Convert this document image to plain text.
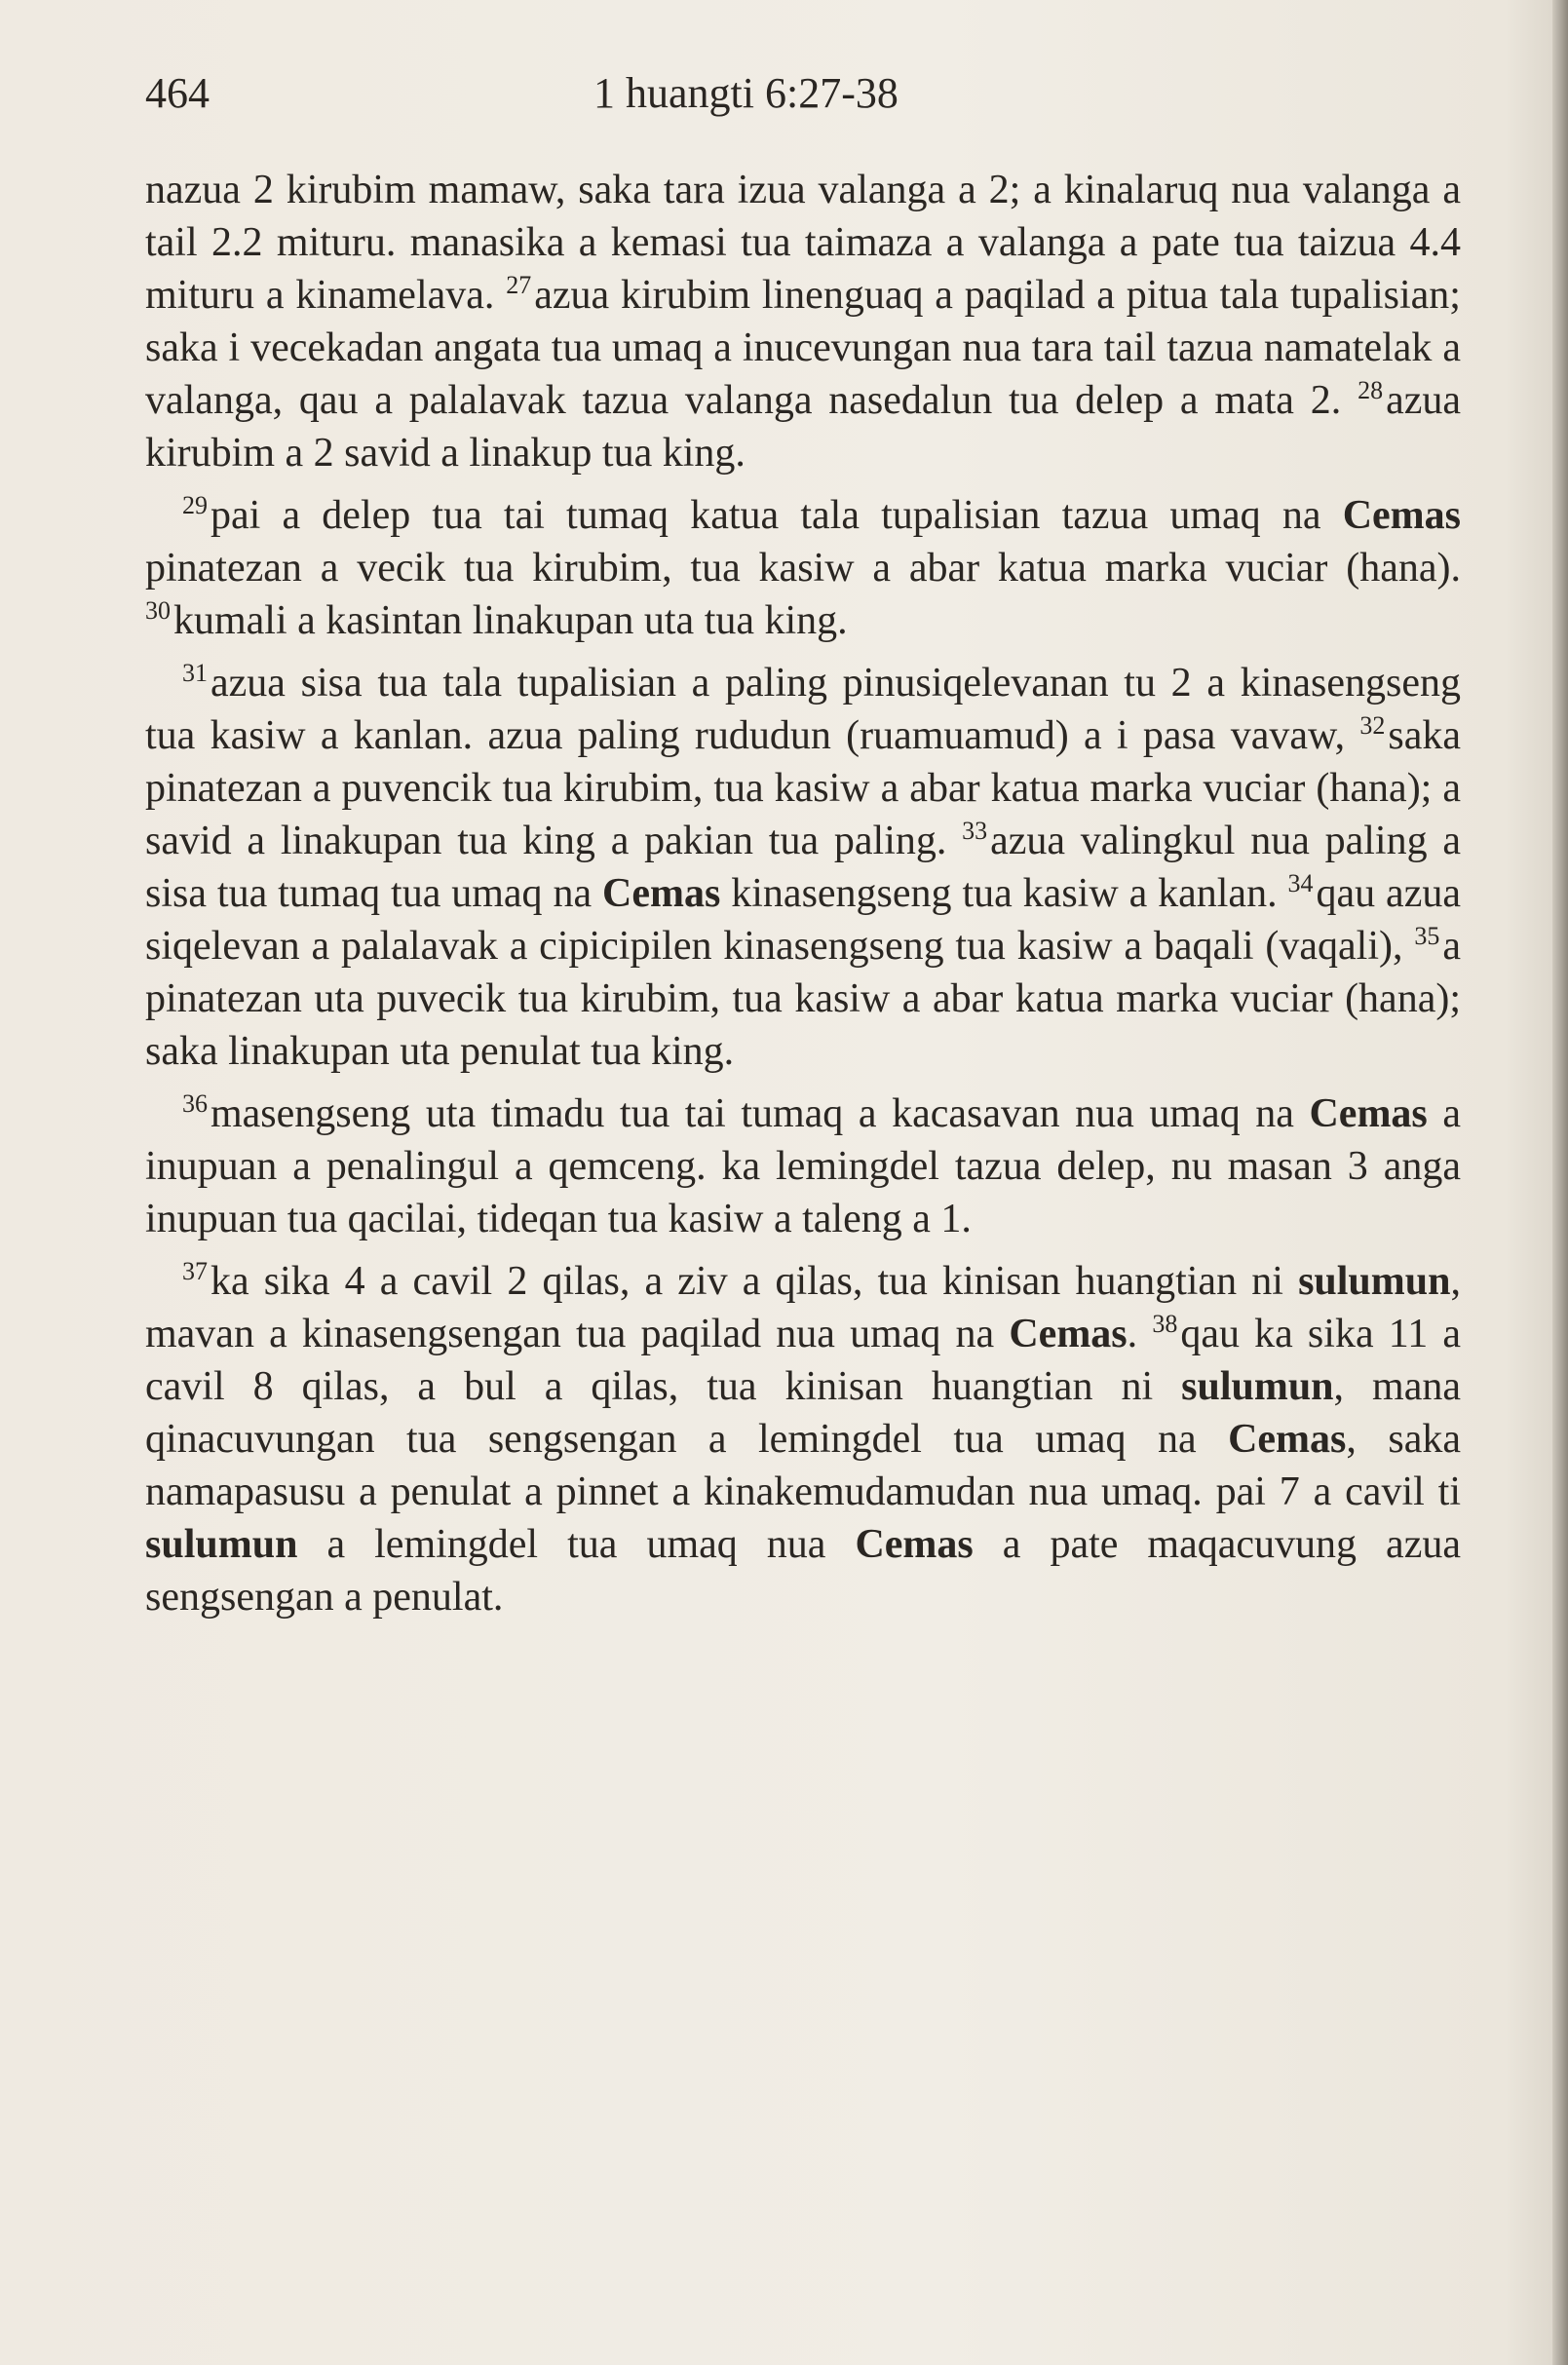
464	1 huangti 6:27-38

nazua 2 kirubim mamaw, saka tara izua valanga a 2; a kinalaruq nua valanga a tail 2.2 mituru. manasika a kemasi tua taimaza a valanga a pate tua taizua 4.4 mituru a kinamelava. $^{27}$azua kirubim linenguaq a paqilad a pitua tala tupalisian; saka i vecekadan angata tua umaq a inucevungan nua tara tail tazua namatelak a valanga, qau a palalavak tazua valanga nasedalun tua delep a mata 2. $^{28}$azua kirubim a 2 savid a linakup tua king.

$^{29}$pai a delep tua tai tumaq katua tala tupalisian tazua umaq na Cemas pinatezan a vecik tua kirubim, tua kasiw a abar katua marka vuciar (hana). $^{30}$kumali a kasintan linakupan uta tua king.

$^{31}$azua sisa tua tala tupalisian a paling pinusiqelevanan tu 2 a kinasengseng tua kasiw a kanlan. azua paling rududun (ruamuamud) a i pasa vavaw, $^{32}$saka pinatezan a puvencik tua kirubim, tua kasiw a abar katua marka vuciar (hana); a savid a linakupan tua king a pakian tua paling. $^{33}$azua valingkul nua paling a sisa tua tumaq tua umaq na Cemas kinasengseng tua kasiw a kanlan. $^{34}$qau azua siqelevan a palalavak a cipicipilen kinasengseng tua kasiw a baqali (vaqali), $^{35}$a pinatezan uta puvecik tua kirubim, tua kasiw a abar katua marka vuciar (hana); saka linakupan uta penulat tua king.

$^{36}$masengseng uta timadu tua tai tumaq a kacasavan nua umaq na Cemas a inupuan a penalingul a qemceng. ka lemingdel tazua delep, nu masan 3 anga inupuan tua qacilai, tideqan tua kasiw a taleng a 1.

$^{37}$ka sika 4 a cavil 2 qilas, a ziv a qilas, tua kinisan huangtian ni sulumun, mavan a kinasengsengan tua paqilad nua umaq na Cemas. $^{38}$qau ka sika 11 a cavil 8 qilas, a bul a qilas, tua kinisan huangtian ni sulumun, mana qinacuvungan tua sengsengan a lemingdel tua umaq na Cemas, saka namapasusu a penulat a pinnet a kinakemudamudan nua umaq. pai 7 a cavil ti sulumun a lemingdel tua umaq nua Cemas a pate maqacuvung azua sengsengan a penulat.
